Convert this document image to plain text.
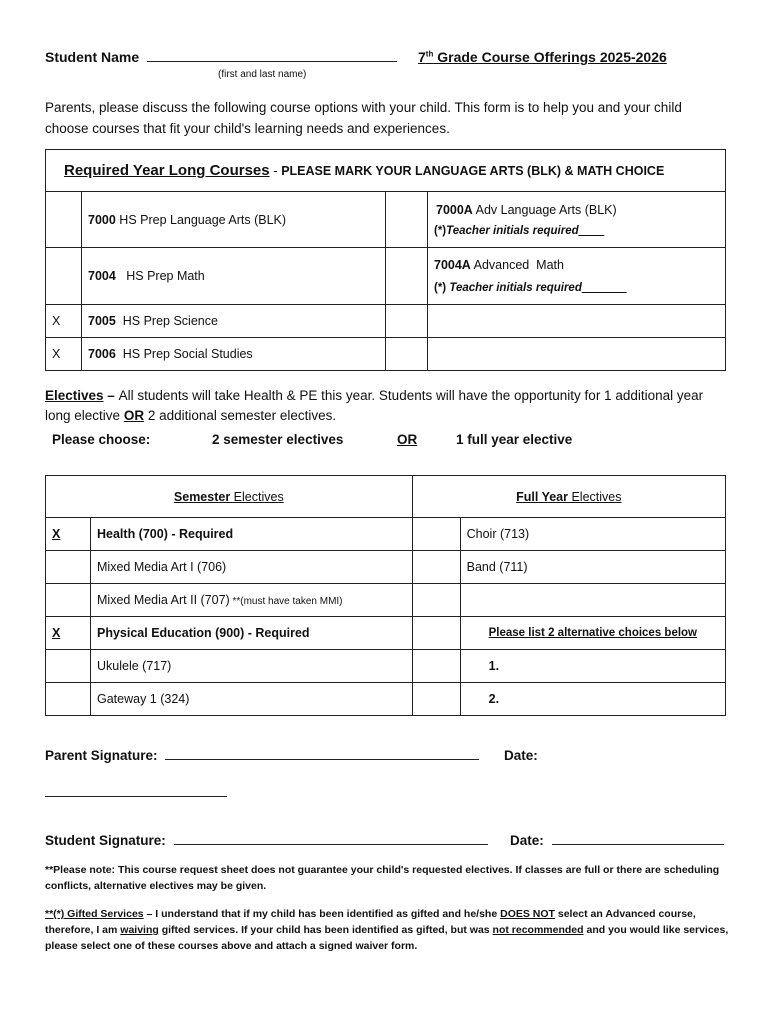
Student Name
(first and last name)
7th Grade Course Offerings 2025-2026
Parents, please discuss the following course options with your child. This form is to help you and your child choose courses that fit your child's learning needs and experiences.
Required Year Long Courses - PLEASE MARK YOUR LANGUAGE ARTS (BLK) & MATH CHOICE			
	7000 HS Prep Language Arts (BLK)		7000A Adv Language Arts (BLK)
(*)Teacher initials required____

	7004   HS Prep Math		7004A Advanced  Math
(*) Teacher initials required_______

X	7005  HS Prep Science		
X	7006  HS Prep Social Studies		
Electives – All students will take Health & PE this year. Students will have the opportunity for 1 additional year long elective OR 2 additional semester electives.
Please choose:	2 semester electives	OR	1 full year elective
Semester Electives		Full Year Electives	
X	Health (700) - Required		Choir (713)
	Mixed Media Art I (706)		Band (711)
	Mixed Media Art II (707) **(must have taken MMI)		
X	Physical Education (900) - Required		Please list 2 alternative choices below
	Ukulele (717)		1.
	Gateway 1 (324)		2.
Parent Signature:	Date:
Student Signature:	Date:
**Please note: This course request sheet does not guarantee your child's requested electives. If classes are full or there are scheduling conflicts, alternative electives may be given.
**(*) Gifted Services – I understand that if my child has been identified as gifted and he/she DOES NOT select an Advanced course, therefore, I am waiving gifted services. If your child has been identified as gifted, but was not recommended and you would like services, please select one of these courses above and attach a signed waiver form.
